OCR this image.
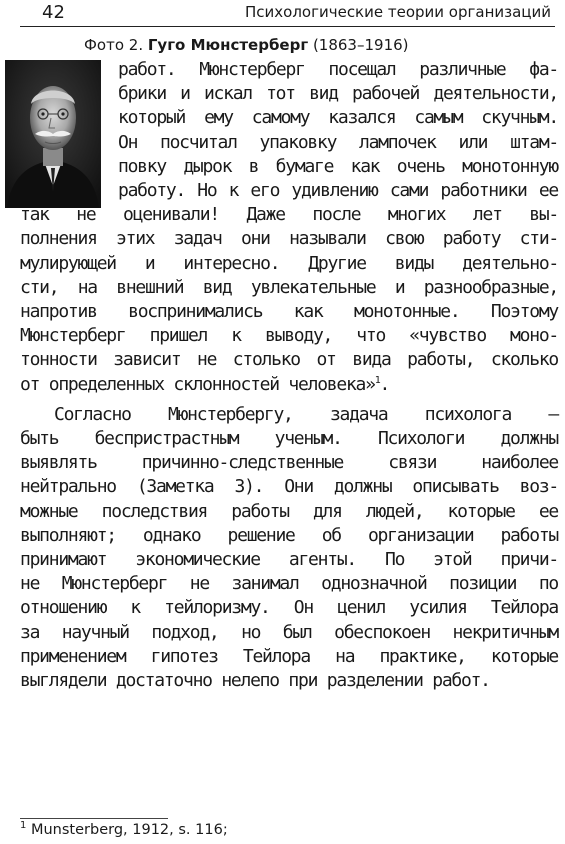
42	Психологические теории организаций
Фото 2. Гуго Мюнстерберг (1863–1916)
работ. Мюнстерберг посещал различные фа-
брики и искал тот вид рабочей деятельности,
который ему самому казался самым скучным.
Он посчитал упаковку лампочек или штам-
повку дырок в бумаге как очень монотонную
работу. Но к его удивлению сами работники ее
так не оценивали! Даже после многих лет вы-
полнения этих задач они называли свою работу сти-
мулирующей и интересно. Другие виды деятельно-
сти, на внешний вид увлекательные и разнообразные,
напротив воспринимались как монотонные. Поэтому
Мюнстерберг пришел к выводу, что «чувство моно-
тонности зависит не столько от вида работы, сколько
от определенных склонностей человека»$^1$.
Согласно Мюнстербергу, задача психолога —
быть беспристрастным ученым. Психологи должны
выявлять причинно-следственные связи наиболее
нейтрально (Заметка 3). Они должны описывать воз-
можные последствия работы для людей, которые ее
выполняют; однако решение об организации работы
принимают экономические агенты. По этой причи-
не Мюнстерберг не занимал однозначной позиции по
отношению к тейлоризму. Он ценил усилия Тейлора
за научный подход, но был обеспокоен некритичным
применением гипотез Тейлора на практике, которые
выглядели достаточно нелепо при разделении работ.
$^1$ Munsterberg, 1912, s. 116;
